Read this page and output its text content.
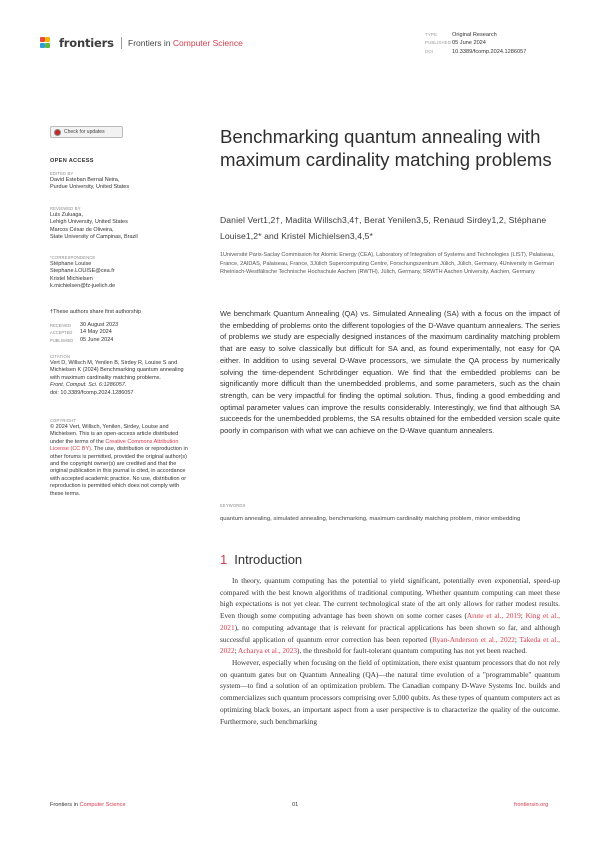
frontiers Frontiers in Computer Science
TYPE	Original Research
PUBLISHED05 June 2024
DOI	10.3389/fcomp.2024.1286057
Check for updates	Benchmarking quantum annealing with maximum cardinality matching problems
Daniel Vert1,2†, Madita Willsch3,4†, Berat Yenilen3,5, Renaud Sirdey1,2, Stéphane Louise1,2* and Kristel Michielsen3,4,5*
1Université Paris-Saclay Commission for Atomic Energy (CEA), Laboratory of Integration of Systems and Technologies (LIST), Palaiseau, France, 2AIDAS, Palaiseau, France, 3Jülich Supercomputing Centre, Forschungszentrum Jülich, Jülich, Germany, 4University in German Rheinisch-Westfälische Technische Hochschule Aachen (RWTH), Jülich, Germany, 5RWTH Aachen University, Aachen, Germany
OPEN ACCESS
EDITED BY
David Esteban Bernal Neira,
Purdue University, United States
REVIEWED BY
Luis Zuluaga,
Lehigh University, United States
Marcos César de Oliveira,
State University of Campinas, Brazil
*CORRESPONDENCE
Stéphane Louise
Stephane.LOUISE@cea.fr
Kristel Michielsen
k.michielsen@fz-juelich.de
†These authors share first authorship
RECEIVED	30 August 2023
ACCEPTED	14 May 2024
PUBLISHED	05 June 2024
CITATION
Vert D, Willsch M, Yenilen B, Sirdey R, Louise S and Michielsen K (2024) Benchmarking quantum annealing with maximum cardinality matching problems.
Front. Comput. Sci. 6:1286057.
doi: 10.3389/fcomp.2024.1286057
COPYRIGHT
© 2024 Vert, Willsch, Yenilen, Sirdey, Louise and Michielsen. This is an open-access article distributed under the terms of the Creative Commons Attribution License (CC BY). The use, distribution or reproduction in other forums is permitted, provided the original author(s) and the copyright owner(s) are credited and that the original publication in this journal is cited, in accordance with accepted academic practice. No use, distribution or reproduction is permitted which does not comply with these terms.

We benchmark Quantum Annealing (QA) vs. Simulated Annealing (SA) with a focus on the impact of the embedding of problems onto the different topologies of the D-Wave quantum annealers. The series of problems we study are especially designed instances of the maximum cardinality matching problem that are easy to solve classically but difficult for SA and, as found experimentally, not easy for QA either. In addition to using several D-Wave processors, we simulate the QA process by numerically solving the time-dependent Schrödinger equation. We find that the embedded problems can be significantly more difficult than the unembedded problems, and some parameters, such as the chain strength, can be very impactful for finding the optimal solution. Thus, finding a good embedding and optimal parameter values can improve the results considerably. Interestingly, we find that although SA succeeds for the unembedded problems, the SA results obtained for the embedded version scale quite poorly in comparison with what we can achieve on the D-Wave quantum annealers.

KEYWORDS
quantum annealing, simulated annealing, benchmarking, maximum cardinality matching problem, minor embedding
1 Introduction

In theory, quantum computing has the potential to yield significant, potentially even exponential, speed-up compared with the best known algorithms of traditional computing. Whether quantum computing can meet these high expectations is not yet clear. The current technological state of the art only allows for rather modest results. Even though some computing advantage has been shown on some corner cases (Arute et al., 2019; King et al., 2021), no computing advantage that is relevant for practical applications has been shown so far, and although successful application of quantum error correction has been reported (Ryan-Anderson et al., 2022; Takeda et al., 2022; Acharya et al., 2023), the threshold for fault-tolerant quantum computing has not yet been reached.

However, especially when focusing on the field of optimization, there exist quantum processors that do not rely on quantum gates but on Quantum Annealing (QA)—the natural time evolution of a "programmable" quantum system—to find a solution of an optimization problem. The Canadian company D-Wave Systems Inc. builds and commercializes such quantum processors comprising over 5,000 qubits. As these types of quantum computers act as optimizing black boxes, an important aspect from a user perspective is to characterize the quality of the outcome. Furthermore, such benchmarking

Frontiers in Computer Science	01	frontiersin.org
